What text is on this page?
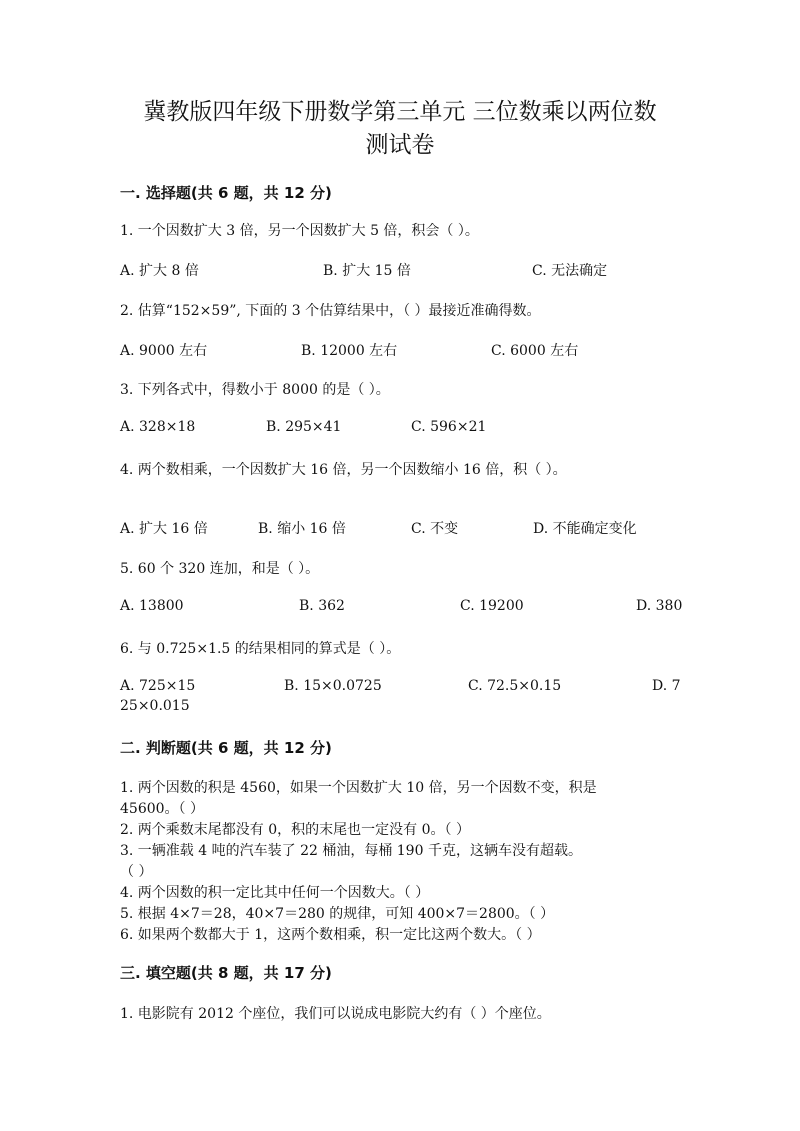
冀教版四年级下册数学第三单元 三位数乘以两位数
测试卷
一. 选择题(共 6 题，共 12 分)
1. 一个因数扩大 3 倍，另一个因数扩大 5 倍，积会（ ）。
A. 扩大 8 倍	B. 扩大 15 倍	C. 无法确定
2. 估算“152×59”, 下面的 3 个估算结果中，（ ）最接近准确得数。
A. 9000 左右	B. 12000 左右	C. 6000 左右
3. 下列各式中，得数小于 8000 的是（ ）。
A. 328×18	B. 295×41	C. 596×21
4. 两个数相乘，一个因数扩大 16 倍，另一个因数缩小 16 倍，积（ ）。
A. 扩大 16 倍	B. 缩小 16 倍	C. 不变	D. 不能确定变化
5. 60 个 320 连加，和是（ ）。
A. 13800	B. 362	C. 19200	D. 380
6. 与 0.725×1.5 的结果相同的算式是（ ）。
A. 725×15	B. 15×0.0725	C. 72.5×0.15	D. 7
25×0.015
二. 判断题(共 6 题，共 12 分)
1. 两个因数的积是 4560，如果一个因数扩大 10 倍，另一个因数不变，积是
45600。（ ）
2. 两个乘数末尾都没有 0，积的末尾也一定没有 0。（ ）
3. 一辆准载 4 吨的汽车装了 22 桶油，每桶 190 千克，这辆车没有超载。
（ ）
4. 两个因数的积一定比其中任何一个因数大。（ ）
5. 根据 4×7＝28，40×7＝280 的规律，可知 400×7＝2800。（ ）
6. 如果两个数都大于 1，这两个数相乘，积一定比这两个数大。（ ）
三. 填空题(共 8 题，共 17 分)
1. 电影院有 2012 个座位，我们可以说成电影院大约有（ ）个座位。
